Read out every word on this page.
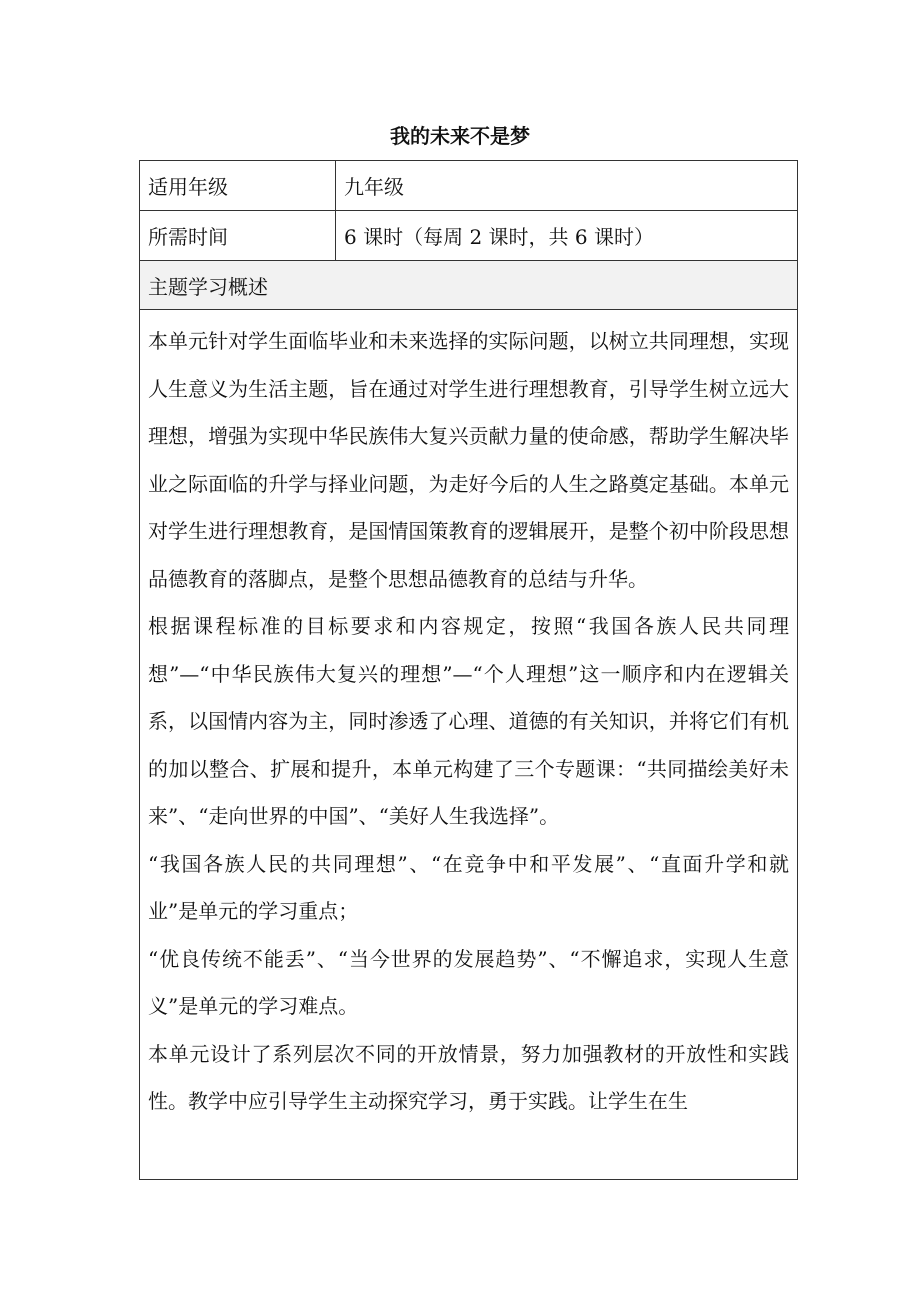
我的未来不是梦
适用年级	九年级
所需时间	6 课时（每周 2 课时，共 6 课时）
主题学习概述	

本单元针对学生面临毕业和未来选择的实际问题，以树立共同理想，实现人生意义为生活主题，旨在通过对学生进行理想教育，引导学生树立远大理想，增强为实现中华民族伟大复兴贡献力量的使命感，帮助学生解决毕业之际面临的升学与择业问题，为走好今后的人生之路奠定基础。本单元对学生进行理想教育，是国情国策教育的逻辑展开，是整个初中阶段思想品德教育的落脚点，是整个思想品德教育的总结与升华。

根据课程标准的目标要求和内容规定，按照“我国各族人民共同理想”—“中华民族伟大复兴的理想”—“个人理想”这一顺序和内在逻辑关系，以国情内容为主，同时渗透了心理、道德的有关知识，并将它们有机的加以整合、扩展和提升，本单元构建了三个专题课：“共同描绘美好未来”、“走向世界的中国”、“美好人生我选择”。

“我国各族人民的共同理想”、“在竞争中和平发展”、“直面升学和就业”是单元的学习重点；

“优良传统不能丢”、“当今世界的发展趋势”、“不懈追求，实现人生意义”是单元的学习难点。

本单元设计了系列层次不同的开放情景，努力加强教材的开放性和实践性。教学中应引导学生主动探究学习，勇于实践。让学生在生	
